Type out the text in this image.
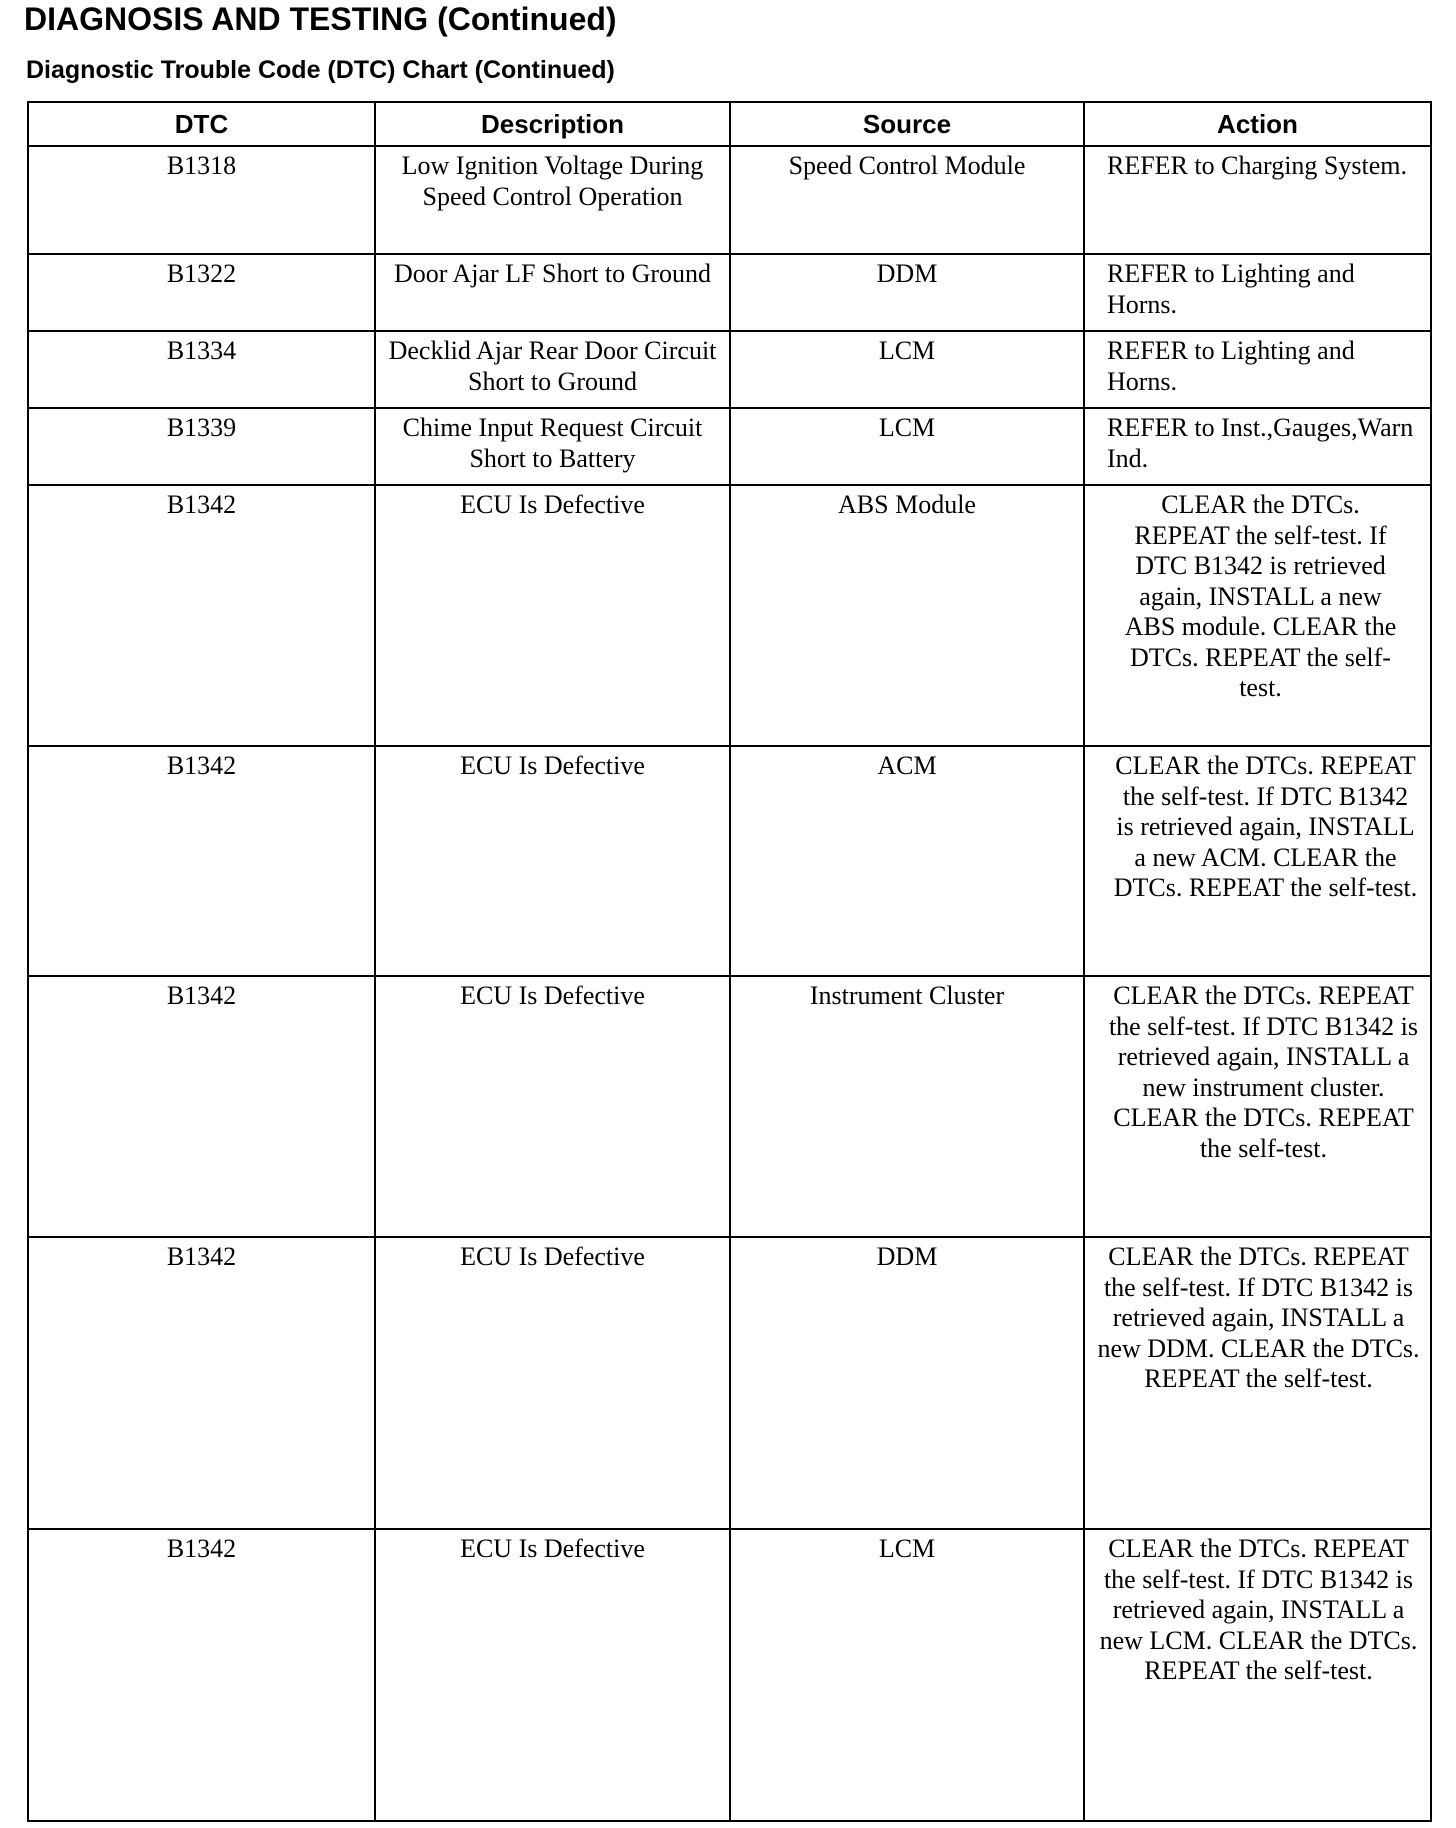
DIAGNOSIS AND TESTING (Continued)
Diagnostic Trouble Code (DTC) Chart (Continued)
DTC	Description	Source	Action
B1318	Low Ignition Voltage During Speed Control Operation	Speed Control Module	REFER to Charging System.
B1322	Door Ajar LF Short to Ground	DDM	REFER to Lighting and Horns.
B1334	Decklid Ajar Rear Door Circuit Short to Ground	LCM	REFER to Lighting and Horns.
B1339	Chime Input Request Circuit Short to Battery	LCM	REFER to Inst.,Gauges,Warn Ind.
B1342	ECU Is Defective	ABS Module	CLEAR the DTCs. REPEAT the self-test. If DTC B1342 is retrieved again, INSTALL a new ABS module. CLEAR the DTCs. REPEAT the self-test.
B1342	ECU Is Defective	ACM	CLEAR the DTCs. REPEAT the self-test. If DTC B1342 is retrieved again, INSTALL a new ACM. CLEAR the DTCs. REPEAT the self-test.
B1342	ECU Is Defective	Instrument Cluster	CLEAR the DTCs. REPEAT the self-test. If DTC B1342 is retrieved again, INSTALL a new instrument cluster. CLEAR the DTCs. REPEAT the self-test.
B1342	ECU Is Defective	DDM	CLEAR the DTCs. REPEAT the self-test. If DTC B1342 is retrieved again, INSTALL a new DDM. CLEAR the DTCs. REPEAT the self-test.
B1342	ECU Is Defective	LCM	CLEAR the DTCs. REPEAT the self-test. If DTC B1342 is retrieved again, INSTALL a new LCM. CLEAR the DTCs. REPEAT the self-test.
